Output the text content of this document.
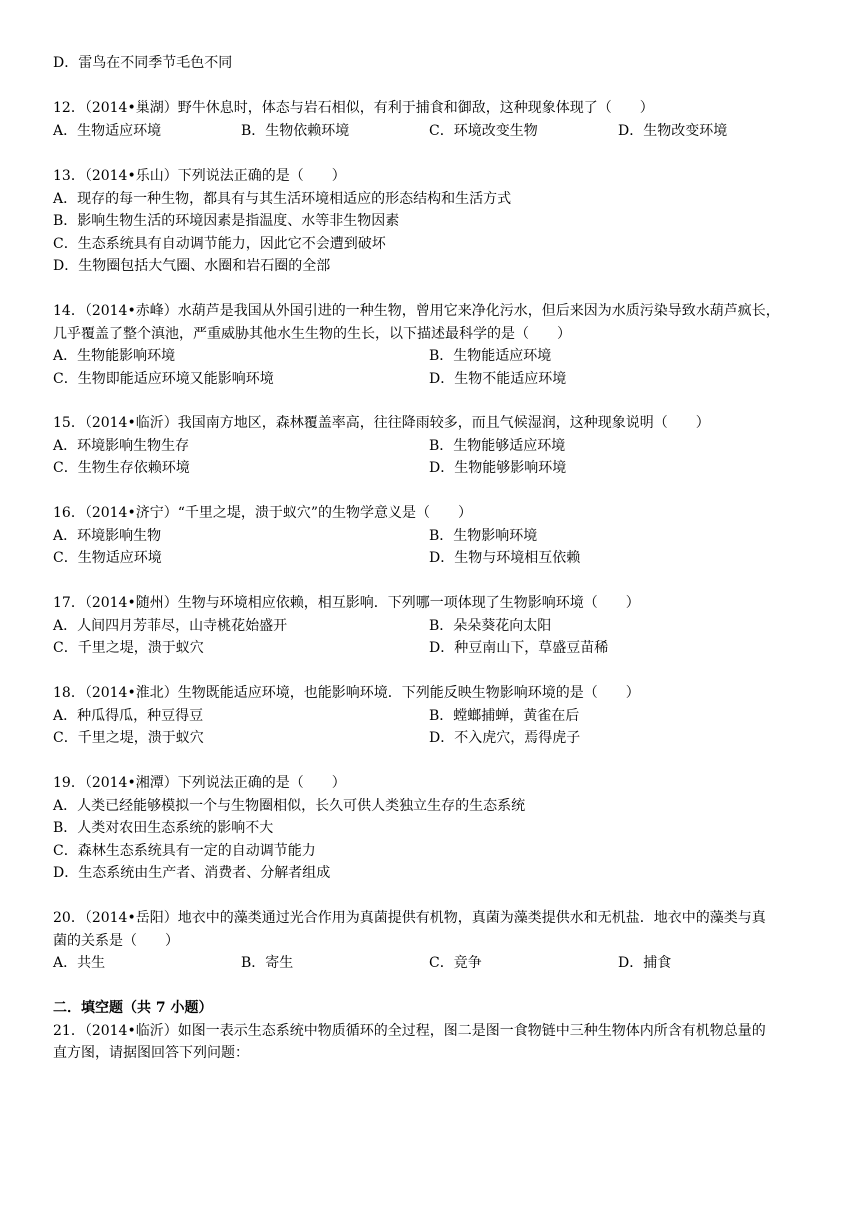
D．雷鸟在不同季节毛色不同
12．（2014•巢湖）野牛休息时，体态与岩石相似，有利于捕食和御敌，这种现象体现了（　　）
A．生物适应环境	B．生物依赖环境	C．环境改变生物	D．生物改变环境
13．（2014•乐山）下列说法正确的是（　　）
A．现存的每一种生物，都具有与其生活环境相适应的形态结构和生活方式
B．影响生物生活的环境因素是指温度、水等非生物因素
C．生态系统具有自动调节能力，因此它不会遭到破坏
D．生物圈包括大气圈、水圈和岩石圈的全部
14．（2014•赤峰）水葫芦是我国从外国引进的一种生物，曾用它来净化污水，但后来因为水质污染导致水葫芦疯长，
几乎覆盖了整个滇池，严重威胁其他水生生物的生长，以下描述最科学的是（　　）
A．生物能影响环境	B．生物能适应环境
C．生物即能适应环境又能影响环境	D．生物不能适应环境
15．（2014•临沂）我国南方地区，森林覆盖率高，往往降雨较多，而且气候湿润，这种现象说明（　　）
A．环境影响生物生存	B．生物能够适应环境
C．生物生存依赖环境	D．生物能够影响环境
16．（2014•济宁）“千里之堤，溃于蚁穴”的生物学意义是（　　）
A．环境影响生物	B．生物影响环境
C．生物适应环境	D．生物与环境相互依赖
17．（2014•随州）生物与环境相应依赖，相互影响．下列哪一项体现了生物影响环境（　　）
A．人间四月芳菲尽，山寺桃花始盛开	B．朵朵葵花向太阳
C．千里之堤，溃于蚁穴	D．种豆南山下，草盛豆苗稀
18．（2014•淮北）生物既能适应环境，也能影响环境．下列能反映生物影响环境的是（　　）
A．种瓜得瓜，种豆得豆	B．螳螂捕蝉，黄雀在后
C．千里之堤，溃于蚁穴	D．不入虎穴，焉得虎子
19．（2014•湘潭）下列说法正确的是（　　）
A．人类已经能够模拟一个与生物圈相似，长久可供人类独立生存的生态系统
B．人类对农田生态系统的影响不大
C．森林生态系统具有一定的自动调节能力
D．生态系统由生产者、消费者、分解者组成
20．（2014•岳阳）地衣中的藻类通过光合作用为真菌提供有机物，真菌为藻类提供水和无机盐．地衣中的藻类与真
菌的关系是（　　）
A．共生	B．寄生	C．竞争	D．捕食
二．填空题（共 7 小题）
21．（2014•临沂）如图一表示生态系统中物质循环的全过程，图二是图一食物链中三种生物体内所含有机物总量的
直方图，请据图回答下列问题：
